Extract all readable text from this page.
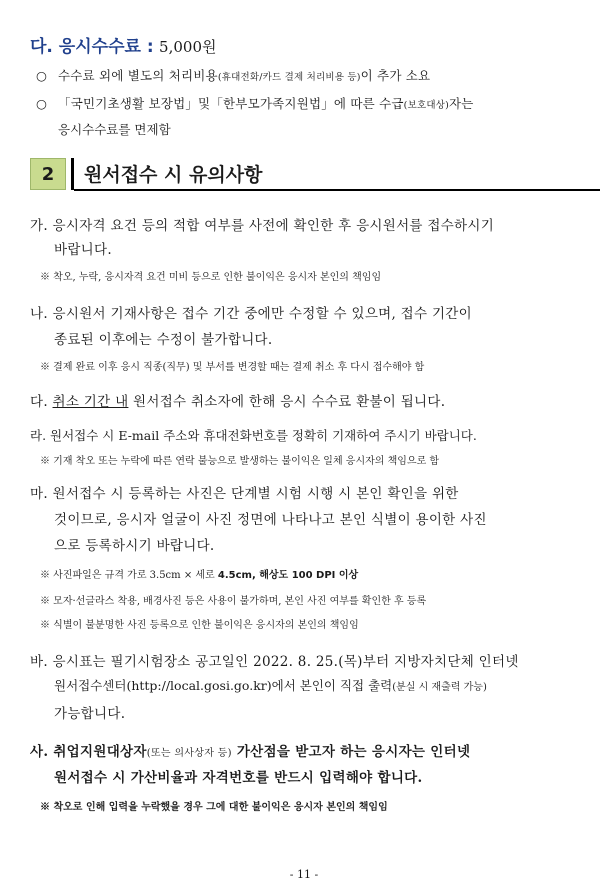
다. 응시수수료 : 5,000원
○ 수수료 외에 별도의 처리비용(휴대전화/카드 결제 처리비용 등)이 추가 소요
○ 「국민기초생활 보장법」및「한부모가족지원법」에 따른 수급(보호대상)자는
응시수수료를 면제함
2	원서접수 시 유의사항
가. 응시자격 요건 등의 적합 여부를 사전에 확인한 후 응시원서를 접수하시기
바랍니다.
※ 착오, 누락, 응시자격 요건 미비 등으로 인한 불이익은 응시자 본인의 책임임
나. 응시원서 기재사항은 접수 기간 중에만 수정할 수 있으며, 접수 기간이
종료된 이후에는 수정이 불가합니다.
※ 결제 완료 이후 응시 직종(직무) 및 부서를 변경할 때는 결제 취소 후 다시 접수해야 함
다. 취소 기간 내 원서접수 취소자에 한해 응시 수수료 환불이 됩니다.
라. 원서접수 시 E-mail 주소와 휴대전화번호를 정확히 기재하여 주시기 바랍니다.
※ 기재 착오 또는 누락에 따른 연락 불능으로 발생하는 불이익은 일체 응시자의 책임으로 함
마. 원서접수 시 등록하는 사진은 단계별 시험 시행 시 본인 확인을 위한
것이므로, 응시자 얼굴이 사진 정면에 나타나고 본인 식별이 용이한 사진
으로 등록하시기 바랍니다.
※ 사진파일은 규격 가로 3.5cm × 세로 4.5cm, 해상도 100 DPI 이상
※ 모자·선글라스 착용, 배경사진 등은 사용이 불가하며, 본인 사진 여부를 확인한 후 등록
※ 식별이 불분명한 사진 등록으로 인한 불이익은 응시자의 본인의 책임임
바. 응시표는 필기시험장소 공고일인 2022. 8. 25.(목)부터 지방자치단체 인터넷
원서접수센터(http://local.gosi.go.kr)에서 본인이 직접 출력(분실 시 재출력 가능)
가능합니다.
사. 취업지원대상자(또는 의사상자 등) 가산점을 받고자 하는 응시자는 인터넷
원서접수 시 가산비율과 자격번호를 반드시 입력해야 합니다.
※ 착오로 인해 입력을 누락했을 경우 그에 대한 불이익은 응시자 본인의 책임임
- 11 -
